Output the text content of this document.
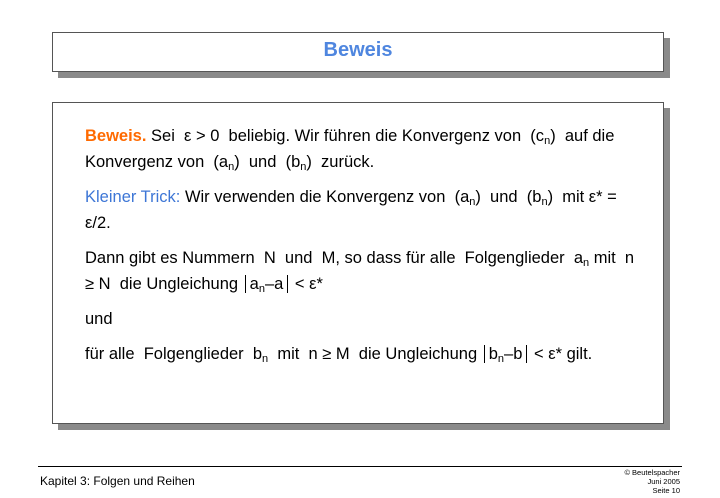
Beweis

Beweis. Sei  ε > 0  beliebig. Wir führen die Konvergenz von  $(c_n)$  auf die Konvergenz von  $(a_n)$  und  $(b_n)$  zurück.

Kleiner Trick: Wir verwenden die Konvergenz von  $(a_n)$  und  $(b_n)$  mit ε* = ε/2.

Dann gibt es Nummern  N  und  M, so dass für alle  Folgenglieder  $a_n$ mit  n ≥ N  die Ungleichung $a_n-a < \varepsilon*$

und

für alle  Folgenglieder  $b_n$  mit  n ≥ M  die Ungleichung $b_n-b < \varepsilon*$ gilt.

Kapitel 3: Folgen und Reihen
© Beutelspacher
Juni 2005
Seite 10
